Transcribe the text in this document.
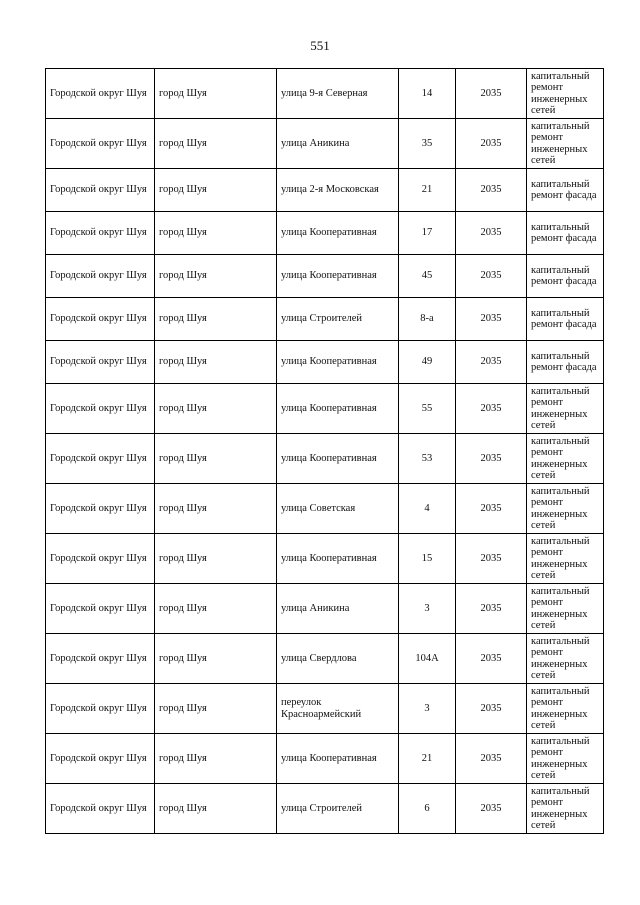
551
Городской округ Шуя	город Шуя	улица 9-я Северная	14	2035	капитальный ремонт инженерных сетей
Городской округ Шуя	город Шуя	улица Аникина	35	2035	капитальный ремонт инженерных сетей
Городской округ Шуя	город Шуя	улица 2-я Московская	21	2035	капитальный ремонт фасада
Городской округ Шуя	город Шуя	улица Кооперативная	17	2035	капитальный ремонт фасада
Городской округ Шуя	город Шуя	улица Кооперативная	45	2035	капитальный ремонт фасада
Городской округ Шуя	город Шуя	улица Строителей	8-а	2035	капитальный ремонт фасада
Городской округ Шуя	город Шуя	улица Кооперативная	49	2035	капитальный ремонт фасада
Городской округ Шуя	город Шуя	улица Кооперативная	55	2035	капитальный ремонт инженерных сетей
Городской округ Шуя	город Шуя	улица Кооперативная	53	2035	капитальный ремонт инженерных сетей
Городской округ Шуя	город Шуя	улица Советская	4	2035	капитальный ремонт инженерных сетей
Городской округ Шуя	город Шуя	улица Кооперативная	15	2035	капитальный ремонт инженерных сетей
Городской округ Шуя	город Шуя	улица Аникина	3	2035	капитальный ремонт инженерных сетей
Городской округ Шуя	город Шуя	улица Свердлова	104А	2035	капитальный ремонт инженерных сетей
Городской округ Шуя	город Шуя	переулок Красноармейский	3	2035	капитальный ремонт инженерных сетей
Городской округ Шуя	город Шуя	улица Кооперативная	21	2035	капитальный ремонт инженерных сетей
Городской округ Шуя	город Шуя	улица Строителей	6	2035	капитальный ремонт инженерных сетей
